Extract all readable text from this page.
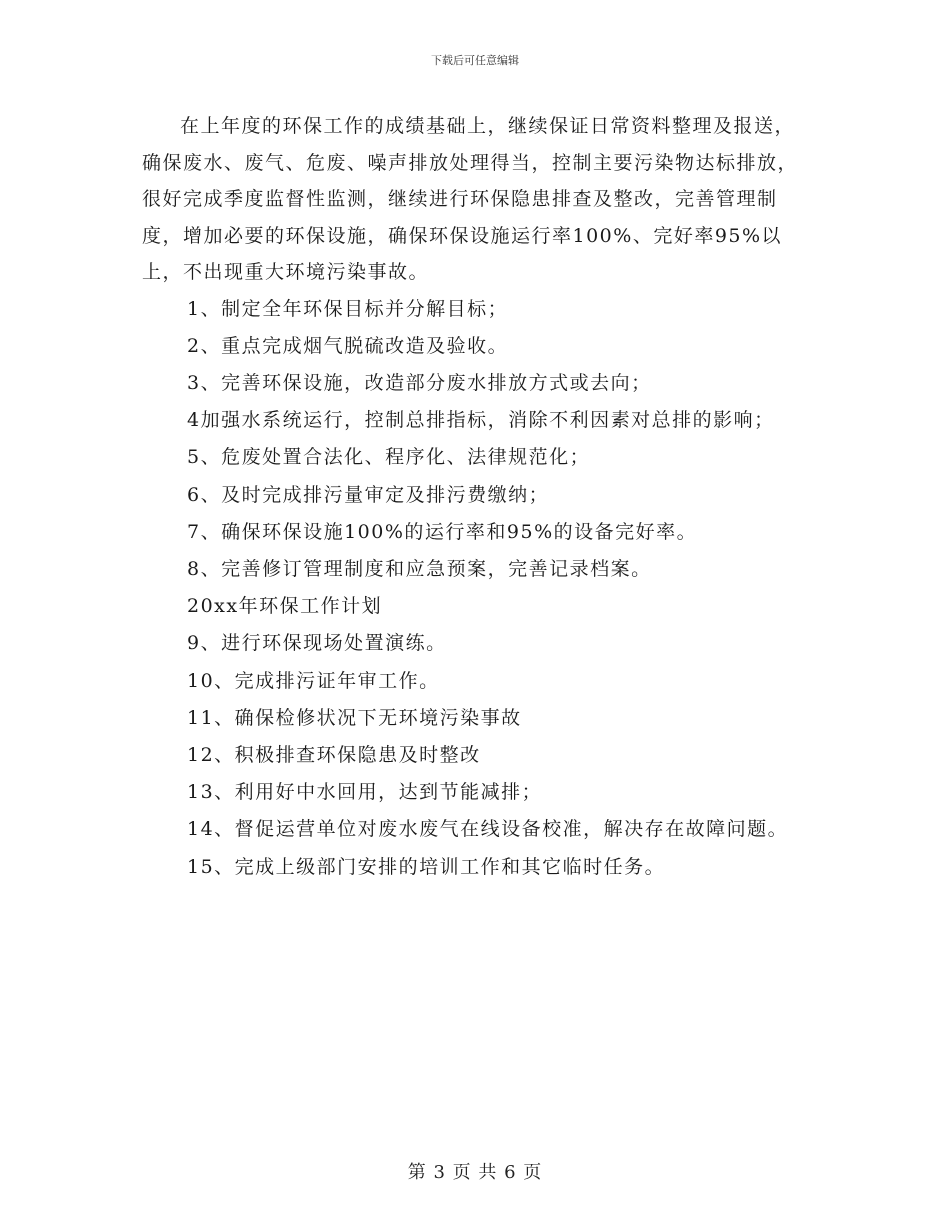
下载后可任意编辑

在上年度的环保工作的成绩基础上，继续保证日常资料整理及报送，确保废水、废气、危废、噪声排放处理得当，控制主要污染物达标排放，很好完成季度监督性监测，继续进行环保隐患排查及整改，完善管理制度，增加必要的环保设施，确保环保设施运行率100%、完好率95%以上，不出现重大环境污染事故。

1、制定全年环保目标并分解目标；

2、重点完成烟气脱硫改造及验收。

3、完善环保设施，改造部分废水排放方式或去向；

4加强水系统运行，控制总排指标，消除不利因素对总排的影响；

5、危废处置合法化、程序化、法律规范化；

6、及时完成排污量审定及排污费缴纳；

7、确保环保设施100%的运行率和95%的设备完好率。

8、完善修订管理制度和应急预案，完善记录档案。

20xx年环保工作计划

9、进行环保现场处置演练。

10、完成排污证年审工作。

11、确保检修状况下无环境污染事故

12、积极排查环保隐患及时整改

13、利用好中水回用，达到节能减排；

14、督促运营单位对废水废气在线设备校准，解决存在故障问题。

15、完成上级部门安排的培训工作和其它临时任务。

第 3 页 共 6 页
